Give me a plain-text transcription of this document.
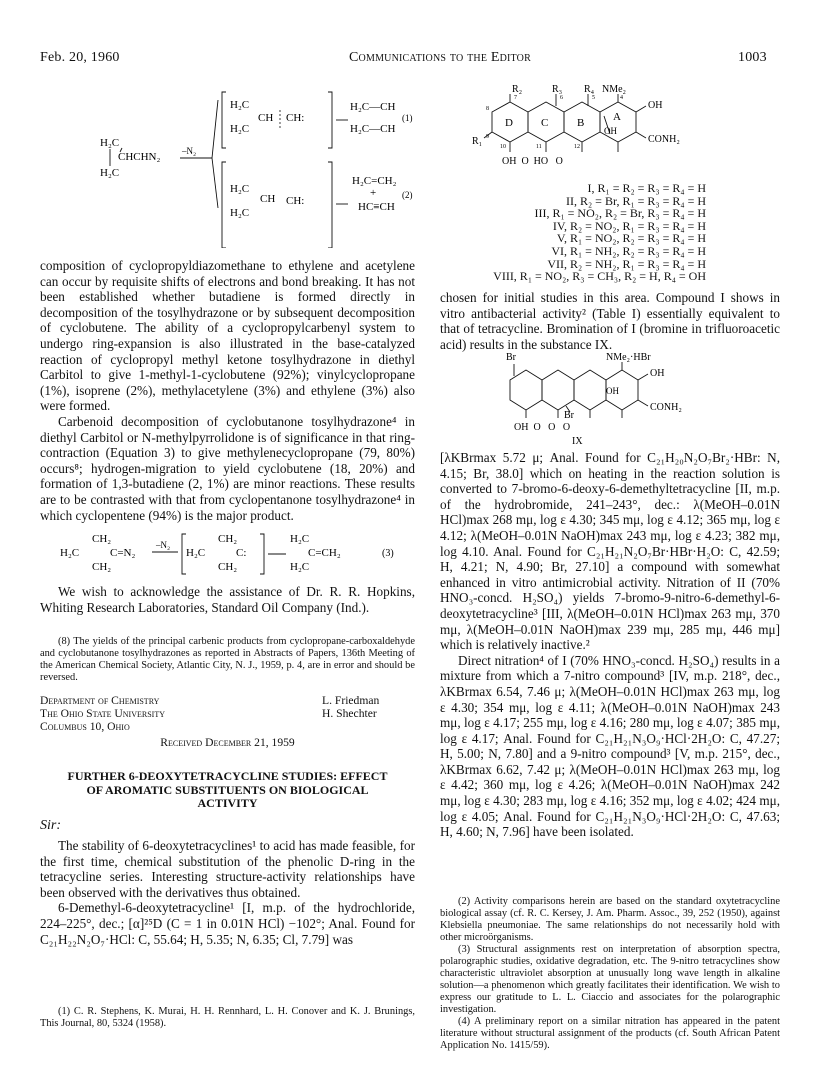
Feb. 20, 1960	Communications to the Editor	1003
H₂C
CHCHN₂
H₂C
–N₂
H₂C
H₂C
CH CH:
H₂C—CH
H₂C—CH
(1)
H₂C
H₂C
CH CH:
H₂C=CH₂
+
HC≡CH
(2)

composition of cyclopropyldiazomethane to ethylene and acetylene can occur by requisite shifts of electrons and bond breaking. It has not been established whether butadiene is formed directly in decomposition of the tosylhydrazone or by subsequent decomposition of cyclobutene. The ability of a cyclopropylcarbenyl system to undergo ring-expansion is also illustrated in the base-catalyzed reaction of cyclopropyl methyl ketone tosylhydrazone in diethyl Carbitol to give 1-methyl-1-cyclobutene (92%); vinylcyclopropane (1%), isoprene (2%), methylacetylene (3%) and ethylene (3%) also were formed.

Carbenoid decomposition of cyclobutanone tosylhydrazone⁴ in diethyl Carbitol or N-methylpyrrolidone is of significance in that ring-contraction (Equation 3) to give methylenecyclopropane (79, 80%) occurs⁸; hydrogen-migration to yield cyclobutene (18, 20%) and formation of 1,3-butadiene (2, 1%) are minor reactions. These results are to be contrasted with that from cyclopentanone tosylhydrazone⁴ in which cyclopentene (94%) is the major product.

CH₂
H₂C	C=N₂
CH₂
–N₂
H₂C
CH₂
C:
CH₂
H₂C
C=CH₂
H₂C
(3)

We wish to acknowledge the assistance of Dr. R. R. Hopkins, Whiting Research Laboratories, Standard Oil Company (Ind.).

(8) The yields of the principal carbenic products from cyclopropane-carboxaldehyde and cyclobutanone tosylhydrazones as reported in Abstracts of Papers, 136th Meeting of the American Chemical Society, Atlantic City, N. J., 1959, p. 4, are in error and should be reversed.

Department of Chemistry
The Ohio State University
Columbus 10, Ohio
L. Friedman
H. Shechter
Received December 21, 1959
FURTHER 6-DEOXYTETRACYCLINE STUDIES: EFFECT OF AROMATIC SUBSTITUENTS ON BIOLOGICAL ACTIVITY
Sir:

The stability of 6-deoxytetracyclines¹ to acid has made feasible, for the first time, chemical substitution of the phenolic D-ring in the tetracycline series. Interesting structure-activity relationships have been observed with the derivatives thus obtained.

6-Demethyl-6-deoxytetracycline¹ [I, m.p. of the hydrochloride, 224–225°, dec.; [α]²⁵D (C = 1 in 0.01N HCl) −102°; Anal. Found for C₂₁H₂₂N₂O₇·HCl: C, 55.64; H, 5.35; N, 6.35; Cl, 7.79] was

(1) C. R. Stephens, K. Murai, H. H. Rennhard, L. H. Conover and K. J. Brunings, This Journal, 80, 5324 (1958).

R₂	R₃ R₄ NMe₂
OH
CONH₂
R₁
D	C	B	A
OH
OH  O  HO   O
4
5
6
7
8
9
10	11	12
I, R₁ = R₂ = R₃ = R₄ = H
II, R₂ = Br, R₁ = R₃ = R₄ = H
III, R₁ = NO₂, R₂ = Br, R₃ = R₄ = H
IV, R₂ = NO₂, R₁ = R₃ = R₄ = H
V, R₁ = NO₂, R₂ = R₃ = R₄ = H
VI, R₁ = NH₂, R₂ = R₃ = R₄ = H
VII, R₂ = NH₂, R₁ = R₃ = R₄ = H
VIII, R₁ = NO₂, R₃ = CH₃, R₂ = H, R₄ = OH

chosen for initial studies in this area. Compound I shows in vitro antibacterial activity² (Table I) essentially equivalent to that of tetracycline. Bromination of I (bromine in trifluoroacetic acid) results in the substance IX.

Br	NMe₂·HBr
OH
OH
CONH₂
Br
OH  O   O   O
IX

[λKBrmax 5.72 μ; Anal. Found for C₂₁H₂₀N₂O₇Br₂·HBr: N, 4.15; Br, 38.0] which on heating in the reaction solution is converted to 7-bromo-6-deoxy-6-demethyltetracycline [II, m.p. of the hydrobromide, 241–243°, dec.: λ(MeOH–0.01N HCl)max 268 mμ, log ε 4.30; 345 mμ, log ε 4.12; 365 mμ, log ε 4.12; λ(MeOH–0.01N NaOH)max 243 mμ, log ε 4.23; 382 mμ, log 4.10. Anal. Found for C₂₁H₂₁N₂O₇Br·HBr·H₂O: C, 42.59; H, 4.21; N, 4.90; Br, 27.10] a compound with somewhat enhanced in vitro antimicrobial activity. Nitration of II (70% HNO₃-concd. H₂SO₄) yields 7-bromo-9-nitro-6-demethyl-6-deoxytetracycline³ [III, λ(MeOH–0.01N HCl)max 263 mμ, 370 mμ, λ(MeOH–0.01N NaOH)max 239 mμ, 285 mμ, 446 mμ] which is relatively inactive.²

Direct nitration⁴ of I (70% HNO₃-concd. H₂SO₄) results in a mixture from which a 7-nitro compound³ [IV, m.p. 218°, dec., λKBrmax 6.54, 7.46 μ; λ(MeOH–0.01N HCl)max 263 mμ, log ε 4.30; 354 mμ, log ε 4.11; λ(MeOH–0.01N NaOH)max 243 mμ, log ε 4.17; 255 mμ, log ε 4.16; 280 mμ, log ε 4.07; 385 mμ, log ε 4.17; Anal. Found for C₂₁H₂₁N₃O₉·HCl·2H₂O: C, 47.27; H, 5.00; N, 7.80] and a 9-nitro compound³ [V, m.p. 215°, dec., λKBrmax 6.62, 7.42 μ; λ(MeOH–0.01N HCl)max 263 mμ, log ε 4.42; 360 mμ, log ε 4.26; λ(MeOH–0.01N NaOH)max 242 mμ, log ε 4.30; 283 mμ, log ε 4.16; 352 mμ, log ε 4.02; 424 mμ, log ε 4.05; Anal. Found for C₂₁H₂₁N₃O₉·HCl·2H₂O: C, 47.63; H, 4.60; N, 7.96] have been isolated.

(2) Activity comparisons herein are based on the standard oxytetracycline biological assay (cf. R. C. Kersey, J. Am. Pharm. Assoc., 39, 252 (1950), against Klebsiella pneumoniae. The same relationships do not necessarily hold with other microörganisms.

(3) Structural assignments rest on interpretation of absorption spectra, polarographic studies, oxidative degradation, etc. The 9-nitro tetracyclines show characteristic ultraviolet absorption at unusually long wave length in alkaline solution—a phenomenon which greatly facilitates their identification. We wish to express our gratitude to L. L. Ciaccio and associates for the polarographic investigation.

(4) A preliminary report on a similar nitration has appeared in the patent literature without structural assignment of the products (cf. South African Patent Application No. 1415/59).
